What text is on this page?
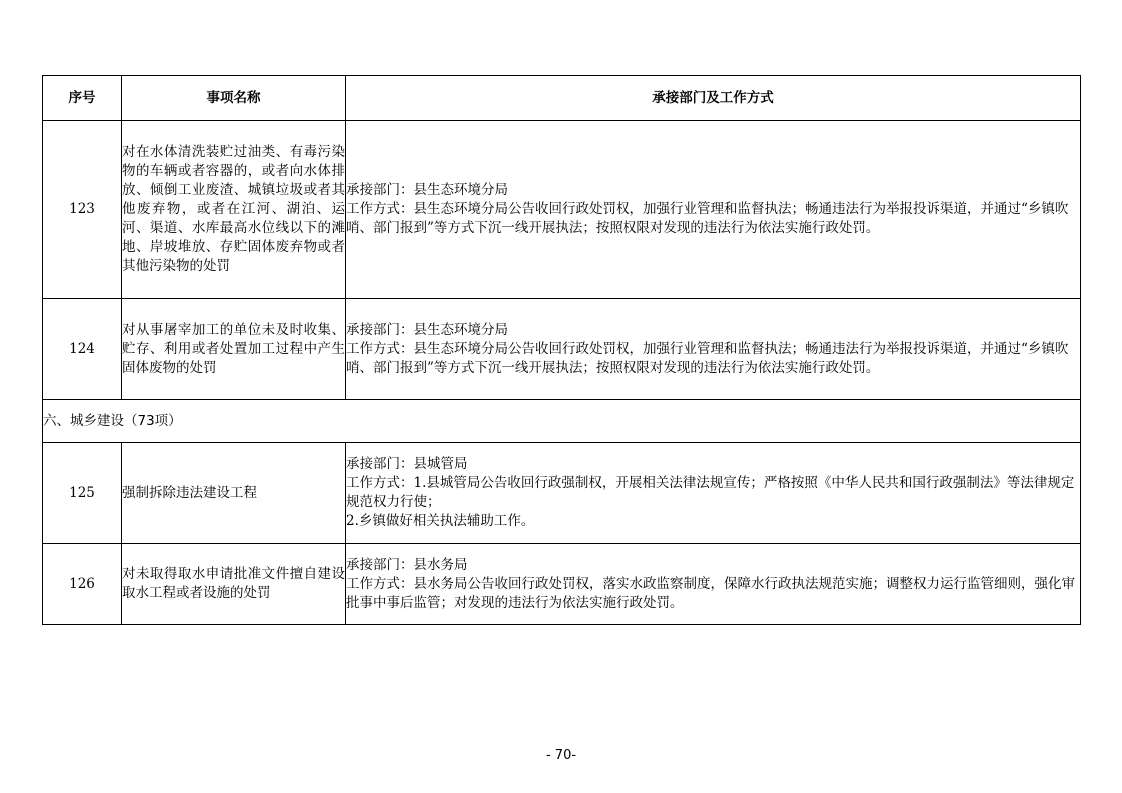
序号	事项名称	承接部门及工作方式
123	对在水体清洗装贮过油类、有毒污染物的车辆或者容器的，或者向水体排放、倾倒工业废渣、城镇垃圾或者其他废弃物，或者在江河、湖泊、运河、渠道、水库最高水位线以下的滩地、岸坡堆放、存贮固体废弃物或者其他污染物的处罚	承接部门：县生态环境分局
工作方式：县生态环境分局公告收回行政处罚权，加强行业管理和监督执法；畅通违法行为举报投诉渠道，并通过“乡镇吹哨、部门报到”等方式下沉一线开展执法；按照权限对发现的违法行为依法实施行政处罚。

124	对从事屠宰加工的单位未及时收集、贮存、利用或者处置加工过程中产生固体废物的处罚	承接部门：县生态环境分局
工作方式：县生态环境分局公告收回行政处罚权，加强行业管理和监督执法；畅通违法行为举报投诉渠道，并通过“乡镇吹哨、部门报到”等方式下沉一线开展执法；按照权限对发现的违法行为依法实施行政处罚。

六、城乡建设（73项）		
125	强制拆除违法建设工程	承接部门：县城管局
工作方式：1.县城管局公告收回行政强制权，开展相关法律法规宣传；严格按照《中华人民共和国行政强制法》等法律规定规范权力行使；
2.乡镇做好相关执法辅助工作。

126	对未取得取水申请批准文件擅自建设取水工程或者设施的处罚	承接部门：县水务局
工作方式：县水务局公告收回行政处罚权，落实水政监察制度，保障水行政执法规范实施；调整权力运行监管细则，强化审批事中事后监管；对发现的违法行为依法实施行政处罚。
- 70-
